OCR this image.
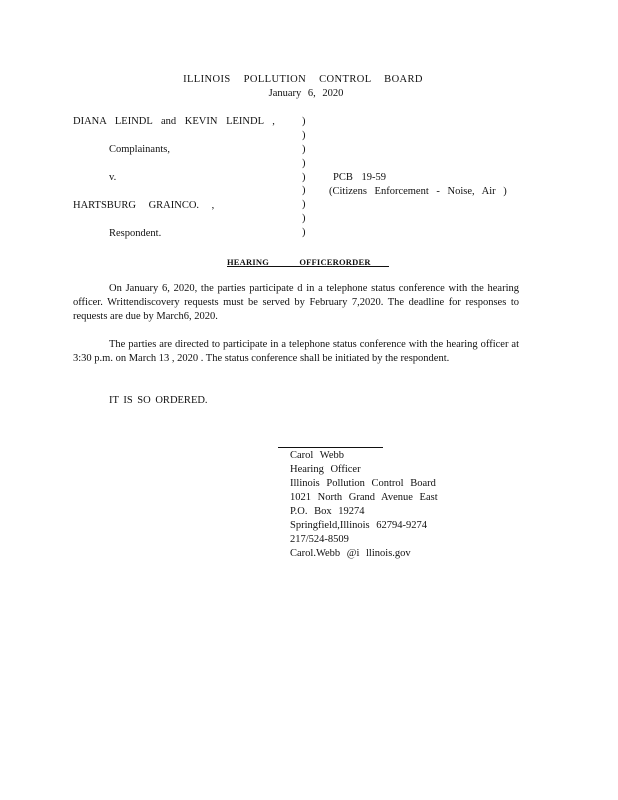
ILLINOIS POLLUTION CONTROL BOARD
January 6, 2020
DIANA LEINDL and KEVIN LEINDL ,
Complainants,
v.
HARTSBURG GRAINCO. ,
Respondent.
)
)
)
)
)
)
)
)
)
PCB 19-59
(Citizens Enforcement - Noise, Air )
HEARING OFFICERORDER

On January 6, 2020, the parties participate d in a telephone status conference with the hearing officer. Writtendiscovery requests must be served by February 7,2020. The deadline for responses to requests are due by March6, 2020.

The parties are directed to participate in a telephone status conference with the hearing officer at 3:30 p.m. on March 13 , 2020 . The status conference shall be initiated by the respondent.

IT IS SO ORDERED.
Carol Webb
Hearing Officer
Illinois Pollution Control Board
1021 North Grand Avenue East
P.O. Box 19274
Springfield,Illinois 62794-9274
217/524-8509
Carol.Webb @i llinois.gov
